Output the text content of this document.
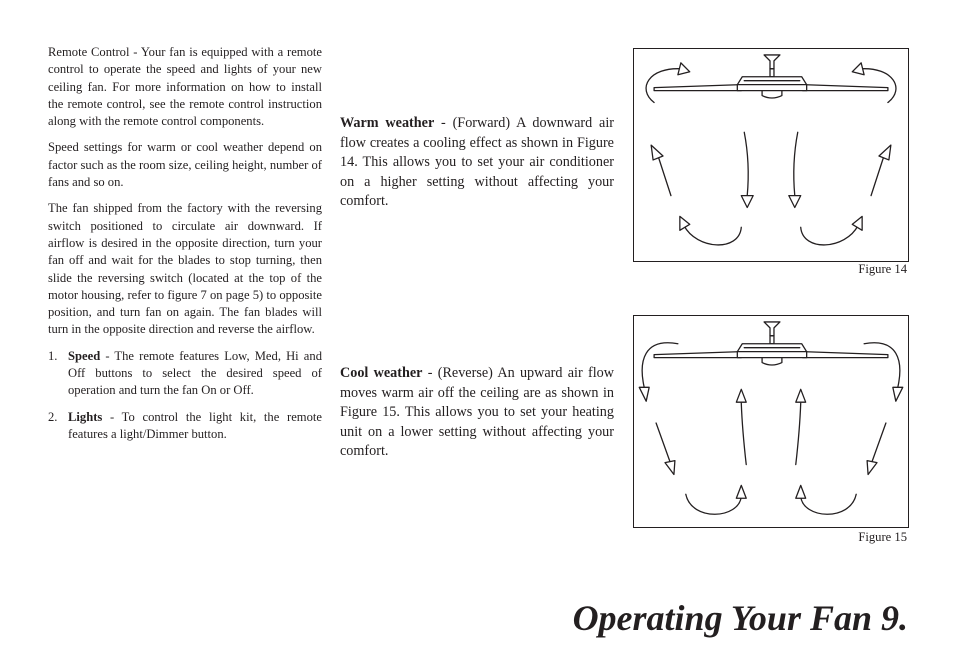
Remote Control - Your fan is equipped with a remote control to operate the speed and lights of your new ceiling fan. For more information on how to install the remote control, see the remote control instruction along with the remote control components.

Speed settings for warm or cool weather depend on factor such as the room size, ceiling height, number of fans and so on.

The fan shipped from the factory with the reversing switch positioned to circulate air downward. If airflow is desired in the opposite direction, turn your fan off and wait for the blades to stop turning, then slide the reversing switch (located at the top of the motor housing, refer to figure 7 on page 5) to opposite position, and turn fan on again. The fan blades will turn in the opposite direction and reverse the airflow.

1. Speed - The remote features Low, Med, Hi and Off buttons to select the desired speed of operation and turn the fan On or Off.
2. Lights - To control the light kit, the remote features a light/Dimmer button.
Warm weather - (Forward) A downward air flow creates a cooling effect as shown in Figure 14. This allows you to set your air conditioner on a higher setting without affecting your comfort.
Cool weather - (Reverse) An upward air flow moves warm air off the ceiling are as shown in Figure 15. This allows you to set your heating unit on a lower setting without affecting your comfort.
Figure 14
Figure 15
Operating Your Fan 9.
